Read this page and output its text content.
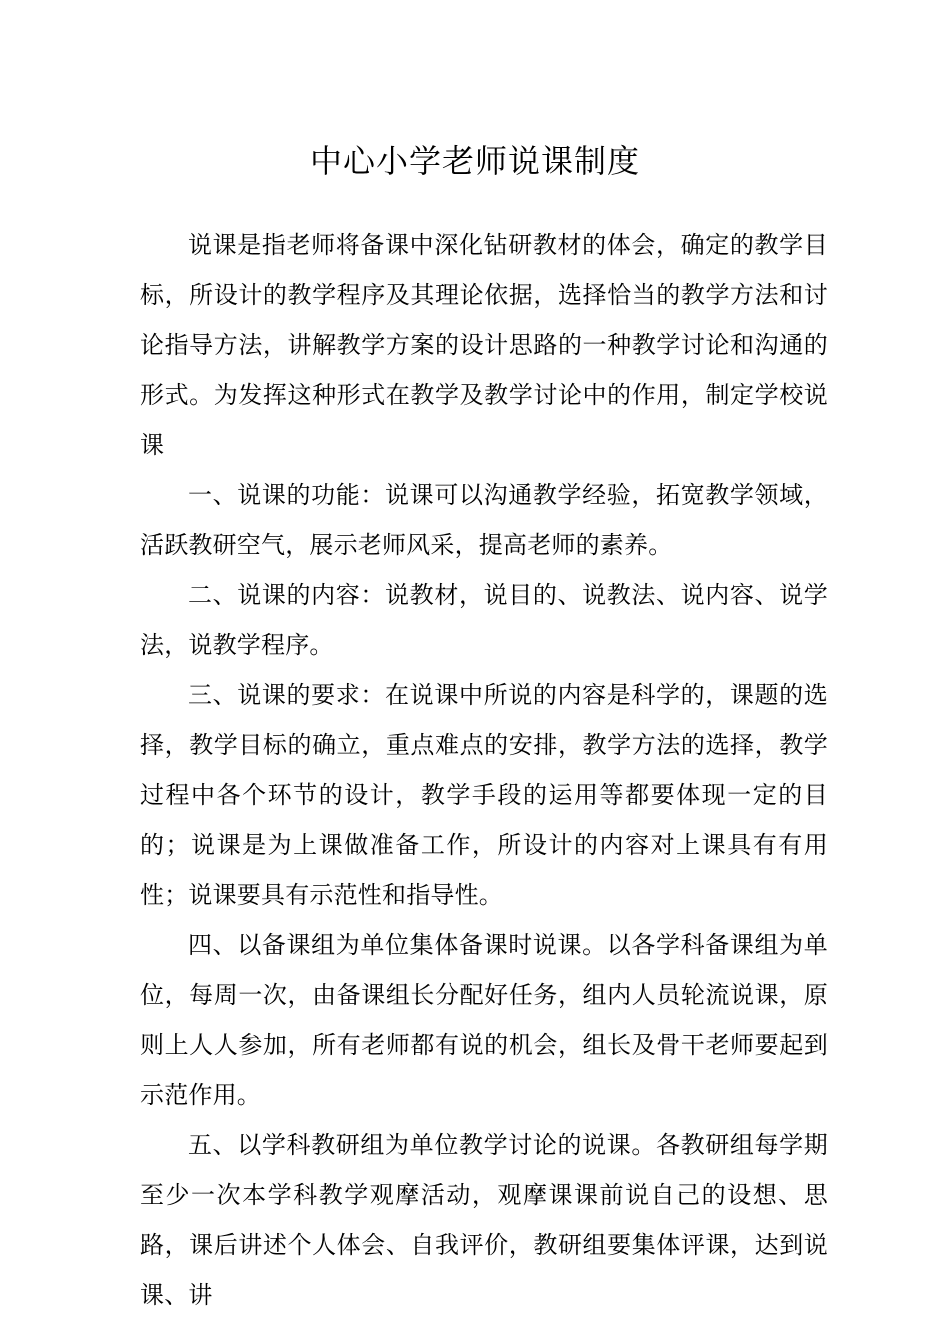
中心小学老师说课制度

说课是指老师将备课中深化钻研教材的体会，确定的教学目标，所设计的教学程序及其理论依据，选择恰当的教学方法和讨论指导方法，讲解教学方案的设计思路的一种教学讨论和沟通的形式。为发挥这种形式在教学及教学讨论中的作用，制定学校说课

一、说课的功能：说课可以沟通教学经验，拓宽教学领域，活跃教研空气，展示老师风采，提高老师的素养。

二、说课的内容：说教材，说目的、说教法、说内容、说学法，说教学程序。

三、说课的要求：在说课中所说的内容是科学的，课题的选择，教学目标的确立，重点难点的安排，教学方法的选择，教学过程中各个环节的设计，教学手段的运用等都要体现一定的目的；说课是为上课做准备工作，所设计的内容对上课具有有用性；说课要具有示范性和指导性。

四、以备课组为单位集体备课时说课。以各学科备课组为单位，每周一次，由备课组长分配好任务，组内人员轮流说课，原则上人人参加，所有老师都有说的机会，组长及骨干老师要起到示范作用。

五、以学科教研组为单位教学讨论的说课。各教研组每学期至少一次本学科教学观摩活动，观摩课课前说自己的设想、思路，课后讲述个人体会、自我评价，教研组要集体评课，达到说课、讲
